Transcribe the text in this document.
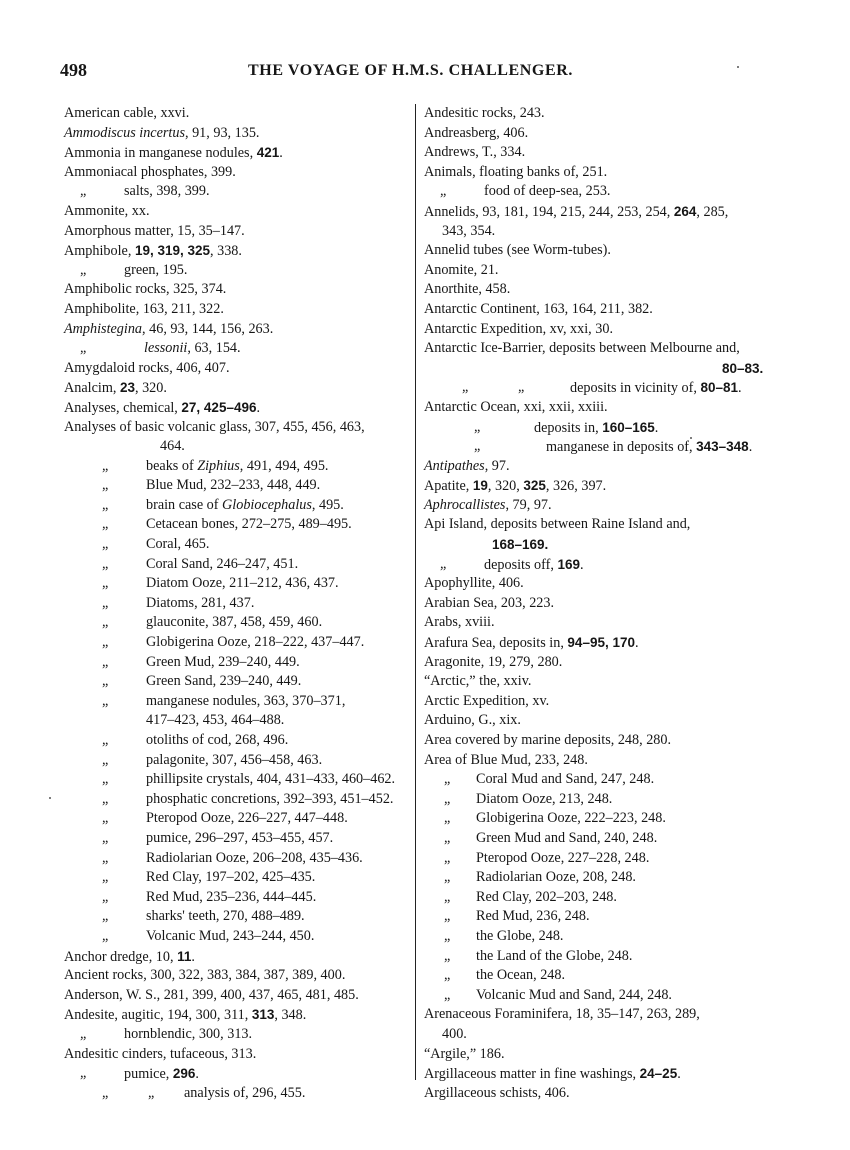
498	THE VOYAGE OF H.M.S. CHALLENGER.
American cable, xxvi.
Ammodiscus incertus, 91, 93, 135.
Ammonia in manganese nodules, 421.
Ammoniacal phosphates, 399.
„	salts, 398, 399.
Ammonite, xx.
Amorphous matter, 15, 35–147.
Amphibole, 19, 319, 325, 338.
„	green, 195.
Amphibolic rocks, 325, 374.
Amphibolite, 163, 211, 322.
Amphistegina, 46, 93, 144, 156, 263.
„	lessonii, 63, 154.
Amygdaloid rocks, 406, 407.
Analcim, 23, 320.
Analyses, chemical, 27, 425–496.
Analyses of basic volcanic glass, 307, 455, 456, 463,
464.
„	beaks of Ziphius, 491, 494, 495.
„	Blue Mud, 232–233, 448, 449.
„	brain case of Globiocephalus, 495.
„	Cetacean bones, 272–275, 489–495.
„	Coral, 465.
„	Coral Sand, 246–247, 451.
„	Diatom Ooze, 211–212, 436, 437.
„	Diatoms, 281, 437.
„	glauconite, 387, 458, 459, 460.
„	Globigerina Ooze, 218–222, 437–447.
„	Green Mud, 239–240, 449.
„	Green Sand, 239–240, 449.
„	manganese nodules, 363, 370–371,
417–423, 453, 464–488.
„	otoliths of cod, 268, 496.
„	palagonite, 307, 456–458, 463.
„	phillipsite crystals, 404, 431–433, 460–462.
„	phosphatic concretions, 392–393, 451–452.
„	Pteropod Ooze, 226–227, 447–448.
„	pumice, 296–297, 453–455, 457.
„	Radiolarian Ooze, 206–208, 435–436.
„	Red Clay, 197–202, 425–435.
„	Red Mud, 235–236, 444–445.
„	sharks' teeth, 270, 488–489.
„	Volcanic Mud, 243–244, 450.
Anchor dredge, 10, 11.
Ancient rocks, 300, 322, 383, 384, 387, 389, 400.
Anderson, W. S., 281, 399, 400, 437, 465, 481, 485.
Andesite, augitic, 194, 300, 311, 313, 348.
„	hornblendic, 300, 313.
Andesitic cinders, tufaceous, 313.
„	pumice, 296.
„	„ analysis of, 296, 455.
Andesitic rocks, 243.
Andreasberg, 406.
Andrews, T., 334.
Animals, floating banks of, 251.
„	food of deep-sea, 253.
Annelids, 93, 181, 194, 215, 244, 253, 254, 264, 285,
343, 354.
Annelid tubes (see Worm-tubes).
Anomite, 21.
Anorthite, 458.
Antarctic Continent, 163, 164, 211, 382.
Antarctic Expedition, xv, xxi, 30.
Antarctic Ice-Barrier, deposits between Melbourne and,
80–83.
„	„	deposits in vicinity of, 80–81.
Antarctic Ocean, xxi, xxii, xxiii.
„	deposits in, 160–165.
„	manganese in deposits of, 343–348.
Antipathes, 97.
Apatite, 19, 320, 325, 326, 397.
Aphrocallistes, 79, 97.
Api Island, deposits between Raine Island and,
168–169.
„	deposits off, 169.
Apophyllite, 406.
Arabian Sea, 203, 223.
Arabs, xviii.
Arafura Sea, deposits in, 94–95, 170.
Aragonite, 19, 279, 280.
“Arctic,” the, xxiv.
Arctic Expedition, xv.
Arduino, G., xix.
Area covered by marine deposits, 248, 280.
Area of Blue Mud, 233, 248.
„ Coral Mud and Sand, 247, 248.
„ Diatom Ooze, 213, 248.
„ Globigerina Ooze, 222–223, 248.
„ Green Mud and Sand, 240, 248.
„ Pteropod Ooze, 227–228, 248.
„ Radiolarian Ooze, 208, 248.
„ Red Clay, 202–203, 248.
„ Red Mud, 236, 248.
„ the Globe, 248.
„ the Land of the Globe, 248.
„ the Ocean, 248.
„ Volcanic Mud and Sand, 244, 248.
Arenaceous Foraminifera, 18, 35–147, 263, 289,
400.
“Argile,” 186.
Argillaceous matter in fine washings, 24–25.
Argillaceous schists, 406.
